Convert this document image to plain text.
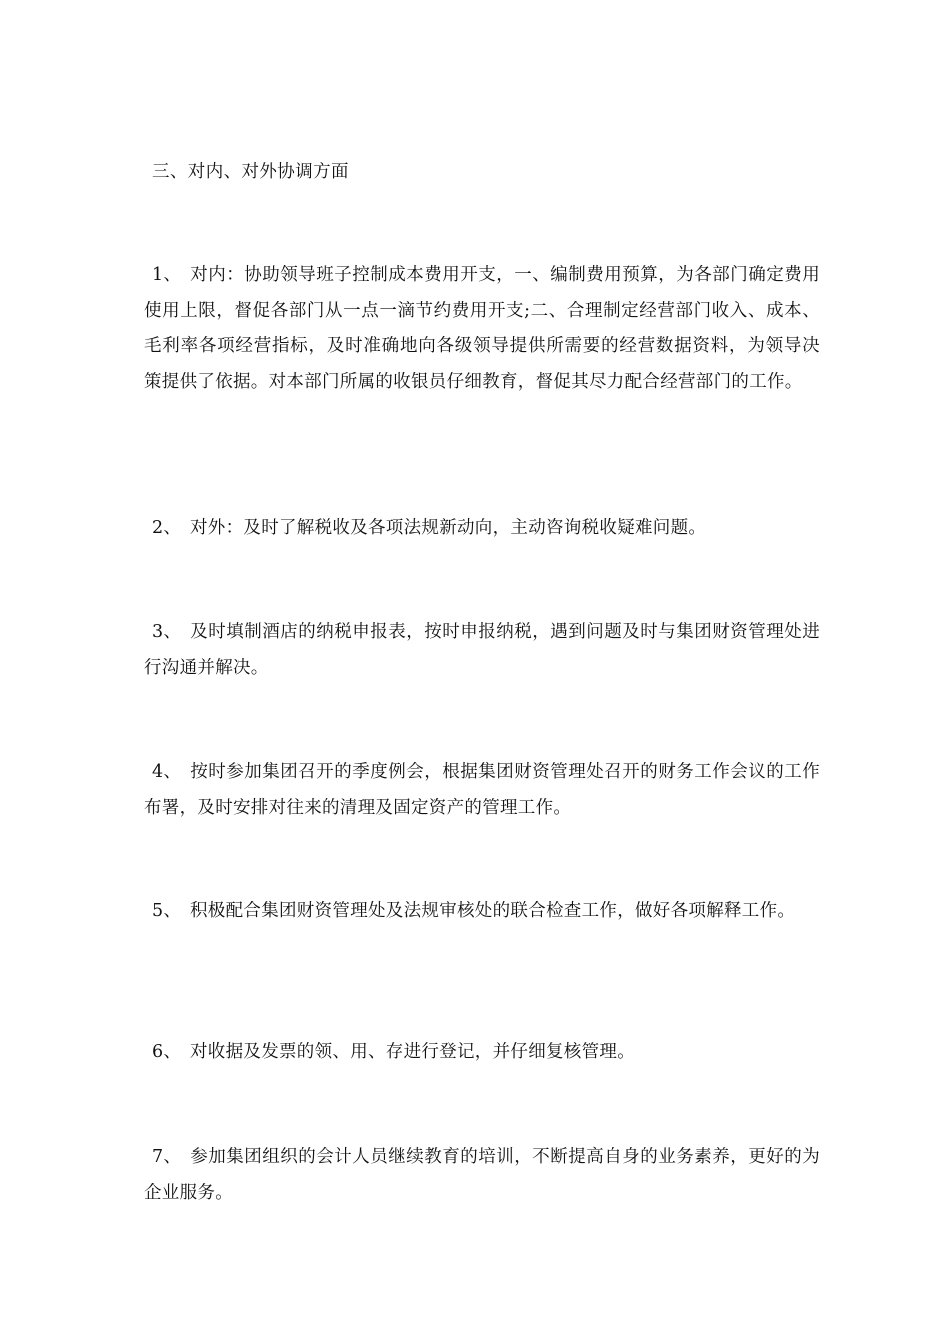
三、对内、对外协调方面
1、 对内：协助领导班子控制成本费用开支，一、编制费用预算，为各部门确定费用使用上限，督促各部门从一点一滴节约费用开支;二、合理制定经营部门收入、成本、毛利率各项经营指标，及时准确地向各级领导提供所需要的经营数据资料，为领导决策提供了依据。对本部门所属的收银员仔细教育，督促其尽力配合经营部门的工作。
2、 对外：及时了解税收及各项法规新动向，主动咨询税收疑难问题。
3、 及时填制酒店的纳税申报表，按时申报纳税，遇到问题及时与集团财资管理处进行沟通并解决。
4、 按时参加集团召开的季度例会，根据集团财资管理处召开的财务工作会议的工作布署，及时安排对往来的清理及固定资产的管理工作。
5、 积极配合集团财资管理处及法规审核处的联合检查工作，做好各项解释工作。
6、 对收据及发票的领、用、存进行登记，并仔细复核管理。
7、 参加集团组织的会计人员继续教育的培训，不断提高自身的业务素养，更好的为企业服务。
